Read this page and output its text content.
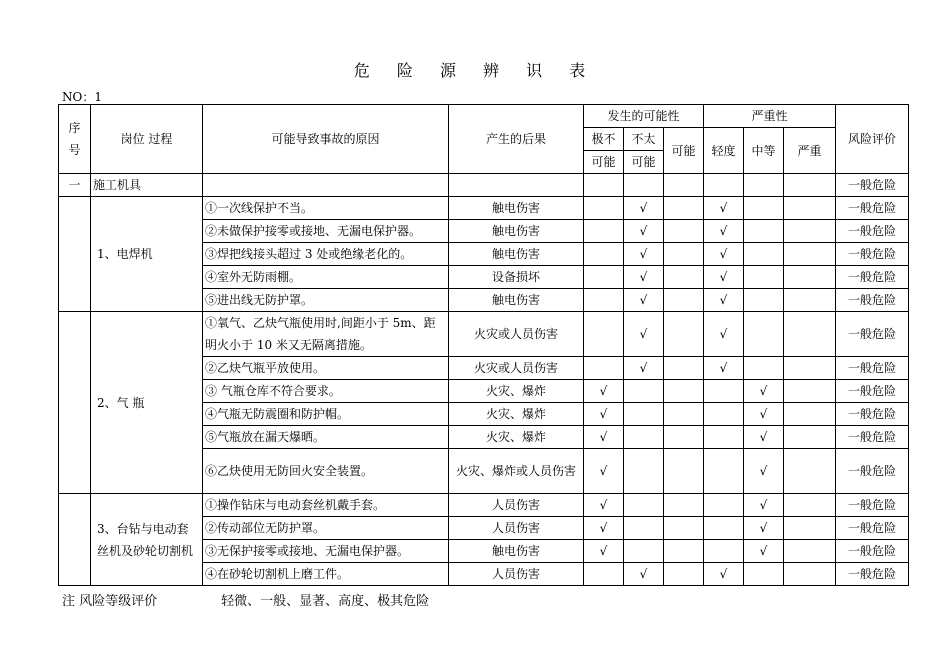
危 险 源 辨 识 表
NO：1
序
号	岗位 过程	可能导致事故的原因	产生的后果	发生的可能性			严重性			风险评价
				极不	不太	可能	轻度	中等	严重	
				可能	可能					
一	施工机具									一般危险
	1、电焊机	①一次线保护不当。	触电伤害		√		√			一般危险
		②未做保护接零或接地、无漏电保护器。	触电伤害		√		√			一般危险
		③焊把线接头超过 3 处或绝缘老化的。	触电伤害		√		√			一般危险
		④室外无防雨棚。	设备损坏		√		√			一般危险
		⑤进出线无防护罩。	触电伤害		√		√			一般危险
	2、气 瓶	①氧气、乙炔气瓶使用时,间距小于 5m、距明火小于 10 米又无隔离措施。	火灾或人员伤害		√		√			一般危险
		②乙炔气瓶平放使用。	火灾或人员伤害		√		√			一般危险
		③ 气瓶仓库不符合要求。	火灾、爆炸	√				√		一般危险
		④气瓶无防震圈和防护帽。	火灾、爆炸	√				√		一般危险
		⑤气瓶放在漏天爆晒。	火灾、爆炸	√				√		一般危险
		⑥乙炔使用无防回火安全装置。	火灾、爆炸或人员伤害	√				√		一般危险
	3、台钻与电动套丝机及砂轮切割机	①操作钻床与电动套丝机戴手套。	人员伤害	√				√		一般危险
		②传动部位无防护罩。	人员伤害	√				√		一般危险
		③无保护接零或接地、无漏电保护器。	触电伤害	√				√		一般危险
		④在砂轮切割机上磨工件。	人员伤害		√		√			一般危险
注 风险等级评价	轻微、一般、显著、高度、极其危险
